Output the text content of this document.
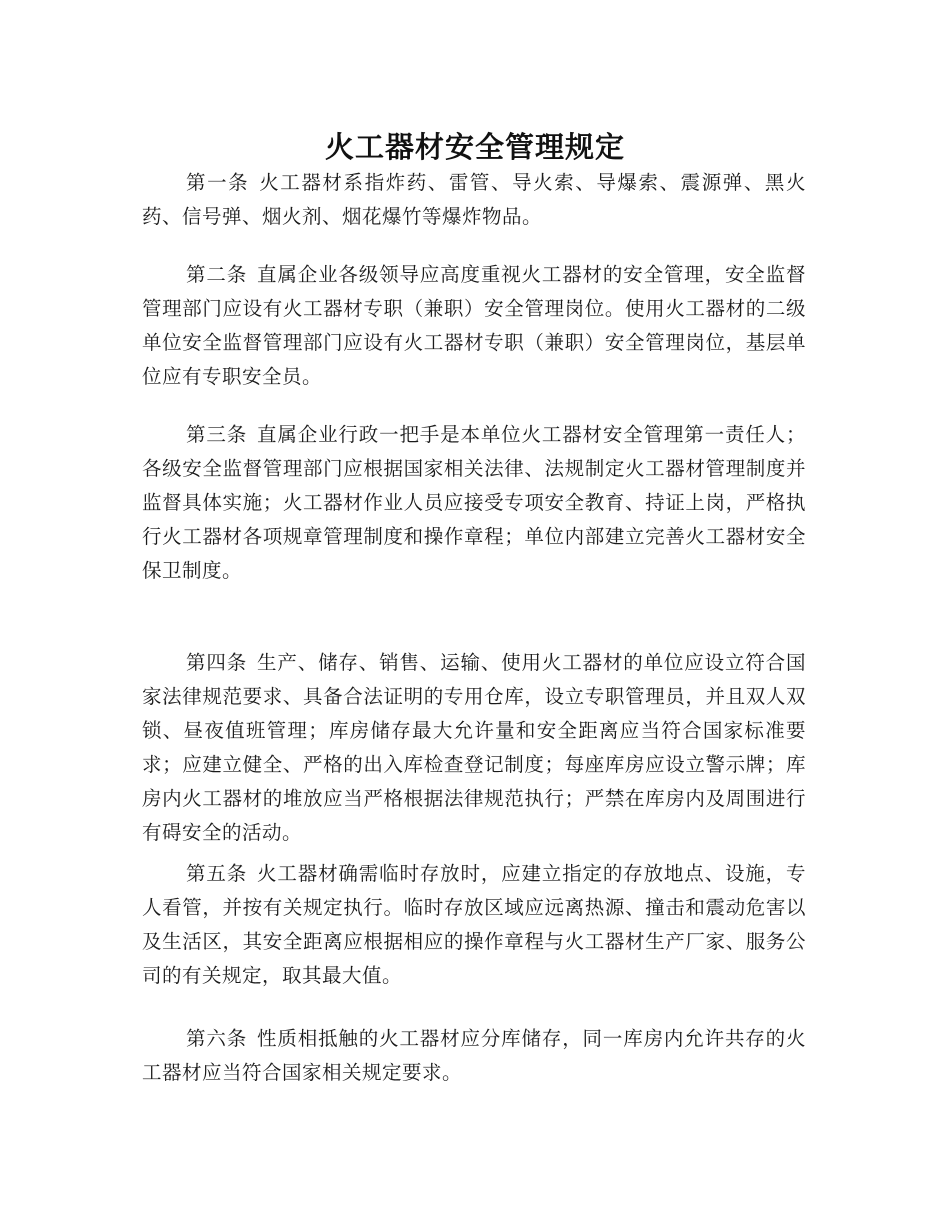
火工器材安全管理规定

第一条 火工器材系指炸药、雷管、导火索、导爆索、震源弹、黑火药、信号弹、烟火剂、烟花爆竹等爆炸物品。

第二条 直属企业各级领导应高度重视火工器材的安全管理，安全监督管理部门应设有火工器材专职（兼职）安全管理岗位。使用火工器材的二级单位安全监督管理部门应设有火工器材专职（兼职）安全管理岗位，基层单位应有专职安全员。

第三条 直属企业行政一把手是本单位火工器材安全管理第一责任人；各级安全监督管理部门应根据国家相关法律、法规制定火工器材管理制度并监督具体实施；火工器材作业人员应接受专项安全教育、持证上岗，严格执行火工器材各项规章管理制度和操作章程；单位内部建立完善火工器材安全保卫制度。

第四条 生产、储存、销售、运输、使用火工器材的单位应设立符合国家法律规范要求、具备合法证明的专用仓库，设立专职管理员，并且双人双锁、昼夜值班管理；库房储存最大允许量和安全距离应当符合国家标准要求；应建立健全、严格的出入库检查登记制度；每座库房应设立警示牌；库房内火工器材的堆放应当严格根据法律规范执行；严禁在库房内及周围进行有碍安全的活动。

第五条 火工器材确需临时存放时，应建立指定的存放地点、设施，专人看管，并按有关规定执行。临时存放区域应远离热源、撞击和震动危害以及生活区，其安全距离应根据相应的操作章程与火工器材生产厂家、服务公司的有关规定，取其最大值。

第六条 性质相抵触的火工器材应分库储存，同一库房内允许共存的火工器材应当符合国家相关规定要求。
